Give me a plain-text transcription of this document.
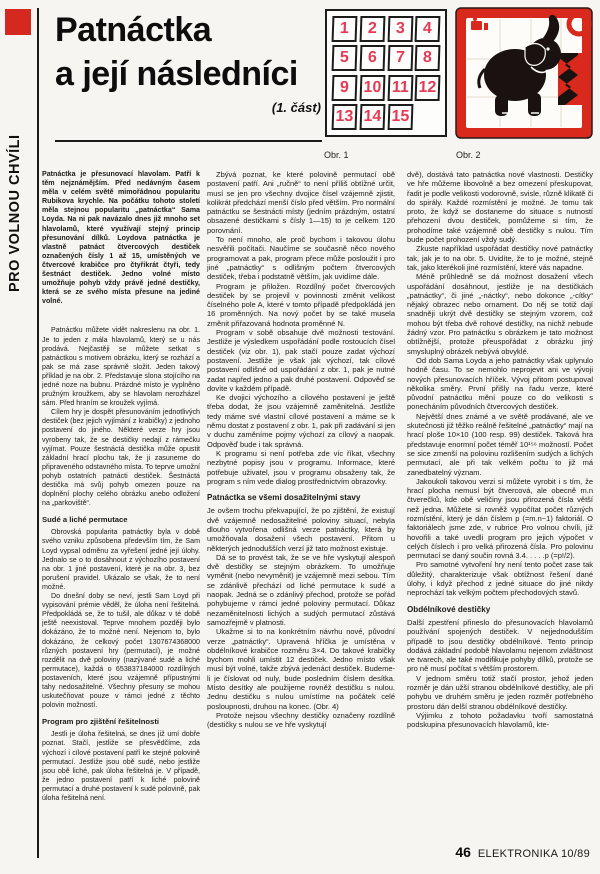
PRO VOLNOU CHVÍLI
Patnáctka
a její následníci
(1. část)
1	2	3	4
5	6	7	8
9 10 11 12
13 14 15
Obr. 1	Obr. 2

Patnáctka je přesunovací hlavolam. Patří k těm nejznámějším. Před nedávným časem měla v celém světě mimořádnou popularitu Rubikova krychle. Na počátku tohoto století měla stejnou popularitu „patnáctka“ Sama Loyda. Na ni pak navázalo dnes již mnoho set hlavolamů, které využívají stejný princip přesunování dílků. Loydova patnáctka je vlastně patnáct čtvercových destiček označených čísly 1 až 15, umístěných ve čtvercové krabičce pro čtyřikrát čtyři, tedy šestnáct destiček. Jedno volné místo umožňuje pohyb vždy právě jedné destičky, která se ze svého místa přesune na jediné volné.

Patnáctku můžete vidět nakreslenu na obr. 1. Je to jeden z mála hlavolamů, který se u nás prodává. Nejčastěji se můžete setkat s patnáctkou s motivem obrázku, který se rozhází a pak se má zase správně složit. Jeden takový příklad je na obr. 2. Představuje slona stojícího na jedné noze na bubnu. Prázdné místo je vyplněno pružným kroužkem, aby se hlavolam nerozházel sám. Před hraním se kroužek vyjímá.

Cílem hry je dospět přesunováním jednotlivých destiček (bez jejich vyjímání z krabičky) z jednoho postavení do jiného. Některé verze hry jsou vyrobeny tak, že se destičky nedají z rámečku vyjímat. Pouze šestnáctá destička může opustit základní hrací plochu tak, že ji zasuneme do připraveného odstavného místa. To teprve umožní pohyb ostatních patnácti destiček. Šestnáctá destička má svůj pohyb omezen pouze na doplnění plochy celého obrázku anebo odložení na „parkoviště“.

Sudé a liché permutace

Obrovská popularita patnáctky byla v době svého vzniku způsobena především tím, že Sam Loyd vypsal odměnu za vyřešení jedné její úlohy. Jednalo se o to dosáhnout z výchozího postavení na obr. 1 jiné postavení, které je na obr. 3, bez porušení pravidel. Ukázalo se však, že to není možné.

Do dnešní doby se neví, jestli Sam Loyd při vypisování prémie věděl, že úloha není řešitelná. Předpokládá se, že to tušil, ale důkaz v té době ještě neexistoval. Teprve mnohem později bylo dokázáno, že to možné není. Nejenom to, bylo dokázáno, že celkový počet 1307674368000 různých postavení hry (permutací), je možné rozdělit na dvě poloviny (nazývané sudé a liché permutace), každá o 653837184000 rozdílných postaveních, které jsou vzájemně přípustnými tahy nedosažitelné. Všechny přesuny se mohou uskutečňovat pouze v rámci jedné z těchto polovin možností.

Program pro zjištění řešitelnosti

Jestli je úloha řešitelná, se dnes již umí dobře poznat. Stačí, jestliže se přesvědčíme, zda výchozí i cílové postavení patří ke stejné polovině permutací. Jestliže jsou obě sudé, nebo jestliže jsou obě liché, pak úloha řešitelná je. V případě, že jedno postavení patří k liché polovině permutací a druhé postavení k sudé polovině, pak úloha řešitelná není.

Zbývá poznat, ke které polovině permutací obě postavení patří. Ani „ručně“ to není příliš obtížné určit, musí se jen pro všechny dvojice čísel vzájemně zjistit, kolikrát předchází menší číslo před větším. Pro normální patnáctku se šestnácti místy (jedním prázdným, ostatní obsazené destičkami s čísly 1—15) to je celkem 120 porovnání.

To není mnoho, ale proč bychom i takovou úlohu nesvěřili počítači. Naučíme se současně něco nového programovat a pak, program přece může posloužit i pro jiné „patnáctky“ s odlišným počtem čtvercových destiček, třeba i podstatně větším, jak uvidíme dále.

Program je přiložen. Rozdílný počet čtvercových destiček by se projevil v povinnosti změnit velikost číselného pole A, které v tomto případě předpokládá jen 16 proměnných. Na nový počet by se také musela změnit přiřazovaná hodnota proměnné N.

Program v sobě obsahuje dvě možnosti testování. Jestliže je výsledkem uspořádání podle rostoucích čísel destiček (viz obr. 1), pak stačí pouze zadat výchozí postavení. Jestliže je však jak výchozí, tak cílové postavení odlišné od uspořádání z obr. 1, pak je nutné zadat napřed jedno a pak druhé postavení. Odpověď se dovíte v každém případě.

Ke dvojici výchozího a cílového postavení je ještě třeba dodat, že jsou vzájemně zaměnitelná. Jestliže tedy máme své vlastní cílové postavení a máme se k němu dostat z postavení z obr. 1, pak při zadávání si jen v duchu zaměníme pojmy výchozí za cílový a naopak. Odpověď bude i tak správná.

K programu si není potřeba zde víc říkat, všechny nezbytné popisy jsou v programu. Informace, které potřebuje uživatel, jsou v programu obsaženy tak, že program s ním vede dialog prostřednictvím obrazovky.

Patnáctka se všemi dosažitelnými stavy

Je ovšem trochu překvapující, že po zjištění, že existují dvě vzájemně nedosažitelné poloviny situací, nebyla dlouho vytvořena odlišná verze patnáctky, která by umožňovala dosažení všech postavení. Přitom u některých jednodušších verzí již tato možnost existuje.

Dá se to provést tak, že se ve hře vyskytují alespoň dvě destičky se stejným obrázkem. To umožňuje vyměnit (nebo nevyměnit) je vzájemně mezi sebou. Tím se zdánlivě přechází od liché permutace k sudé a naopak. Jedná se o zdánlivý přechod, protože se pořád pohybujeme v rámci jedné poloviny permutací. Důkaz nezaměnitelnosti lichých a sudých permutací zůstává samozřejmě v platnosti.

Ukažme si to na konkrétním návrhu nové, původní verze „patnáctky“. Upravená hříčka je umístěna v obdélníkové krabičce rozměru 3×4. Do takové krabičky bychom mohli umístit 12 destiček. Jedno místo však musí být volné, takže zbývá jedenáct destiček. Budeme-li je číslovat od nuly, bude posledním číslem desítka. Místo desítky ale použijeme rovněž destičku s nulou. Jednu destičku s nulou umístíme na počátek celé posloupnosti, druhou na konec. (Obr. 4)

Protože nejsou všechny destičky označeny rozdílně (destičky s nulou se ve hře vyskytují

dvě), dostává tato patnáctka nové vlastnosti. Destičky ve hře můžeme libovolně a bez omezení přeskupovat, řadit je podle velikosti vodorovně, svisle, různě klikatě či do spirály. Každé rozmístění je možné. Je tomu tak proto, že když se dostaneme do situace s nutností přehození dvou destiček, pomůžeme si tím, že prohodíme také vzájemně obě destičky s nulou. Tím bude počet prohození vždy sudý.

Zkuste například uspořádat destičky nové patnáctky tak, jak je to na obr. 5. Uvidíte, že to je možné, stejně tak, jako kterékoli jiné rozmístění, které vás napadne.

Méně průhledně se dá možnost dosažení všech uspořádání dosáhnout, jestliže je na destičkách „patnáctky“, či jiné „-náctky“, nebo dokonce „-cítky“ nějaký obrazec nebo ornament. Do něj se totiž dají snadněji ukrýt dvě destičky se stejným vzorem, což mohou být třeba dvě rohové destičky, na nichž nebude žádný vzor. Pro patnáctku s obrázkem je tato možnost obtížnější, protože přeuspořádat z obrázku jiný smysluplný obrázek nebývá obvyklé.

Od dob Sama Loyda a jeho patnáctky však uplynulo hodně času. To se nemohlo neprojevit ani ve vývoji nových přesunovacích hříček. Vývoj přitom postupoval několika směry. První přišly na řadu verze, které původní patnáctku mění pouze co do velikosti s ponecháním původních čtvercových destiček.

Největší dnes známé a ve světě prodávané, ale ve skutečnosti již těžko reálně řešitelné „patnáctky“ mají na hrací ploše 10×10 (100 resp. 99) destiček. Taková hra představuje enormní počet téměř 10¹⁵⁶ možností. Počet se sice zmenší na polovinu rozlišením sudých a lichých permutací, ale při tak velkém počtu to již má zanedbatelný význam.

Jakoukoli takovou verzi si můžete vyrobit i s tím, že hrací plocha nemusí být čtvercová, ale obecně m.n čtverečků, kde obě veličiny jsou přirozená čísla větší než jedna. Můžete si rovněž vypočítat počet různých rozmístění, který je dán číslem p (=m.n−1) faktoriál. O faktoriálech jsme zde, v rubrice Pro volnou chvíli, již hovořili a také uvedli program pro jejich výpočet v celých číslech i pro velká přirozená čísla. Pro polovinu permutací se daný součin rovná 3.4. . . . .p (=p!/2).

Pro samotné vytvoření hry není tento počet zase tak důležitý, charakterizuje však obtížnost řešení dané úlohy, i když přechod z jedné situace do jiné nikdy neprochází tak velkým počtem přechodových stavů.

Obdélníkové destičky

Další zpestření přineslo do přesunovacích hlavolamů používání spojených destiček. V nejjednodušším případě to jsou destičky obdélníkové. Tento princip dodává základní podobě hlavolamu nejenom zvláštnost ve tvarech, ale také modifikuje pohyby dílků, protože se pro ně musí počítat s větším prostorem.

V jednom směru totiž stačí prostor, jehož jeden rozměr je dán užší stranou obdélníkové destičky, ale při pohybu ve druhém směru je jeden rozměr potřebného prostoru dán delší stranou obdélníkové destičky.

Výjimku z tohoto požadavku tvoří samostatná podskupina přesunovacích hlavolamů, kte-

46 ELEKTRONIKA 10/89
